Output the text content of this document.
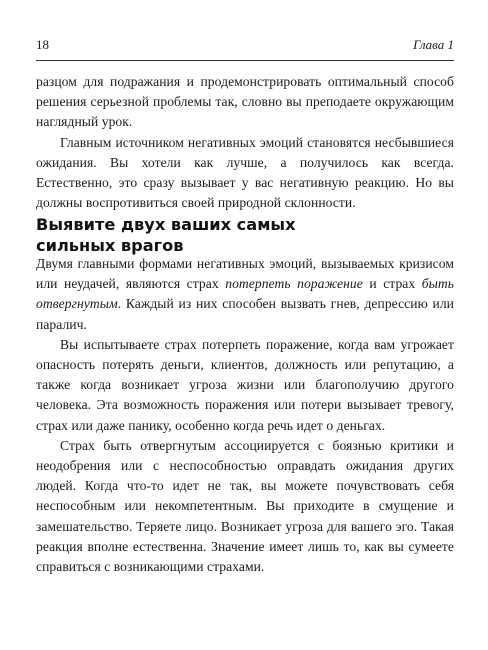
18	Глава 1

разцом для подражания и продемонстрировать оптимальный способ решения серьезной проблемы так, словно вы преподаете окружающим наглядный урок.

Главным источником негативных эмоций становятся несбывшиеся ожидания. Вы хотели как лучше, а получилось как всегда. Естественно, это сразу вызывает у вас негативную реакцию. Но вы должны воспротивиться своей природной склонности.

Выявите двух ваших самых
сильных врагов

Двумя главными формами негативных эмоций, вызываемых кризисом или неудачей, являются страх потерпеть поражение и страх быть отвергнутым. Каждый из них способен вызвать гнев, депрессию или паралич.

Вы испытываете страх потерпеть поражение, когда вам угрожает опасность потерять деньги, клиентов, должность или репутацию, а также когда возникает угроза жизни или благополучию другого человека. Эта возможность поражения или потери вызывает тревогу, страх или даже панику, особенно когда речь идет о деньгах.

Страх быть отвергнутым ассоциируется с боязнью критики и неодобрения или с неспособностью оправдать ожидания других людей. Когда что-то идет не так, вы можете почувствовать себя неспособным или некомпетентным. Вы приходите в смущение и замешательство. Теряете лицо. Возникает угроза для вашего эго. Такая реакция вполне естественна. Значение имеет лишь то, как вы сумеете справиться с возникающими страхами.
